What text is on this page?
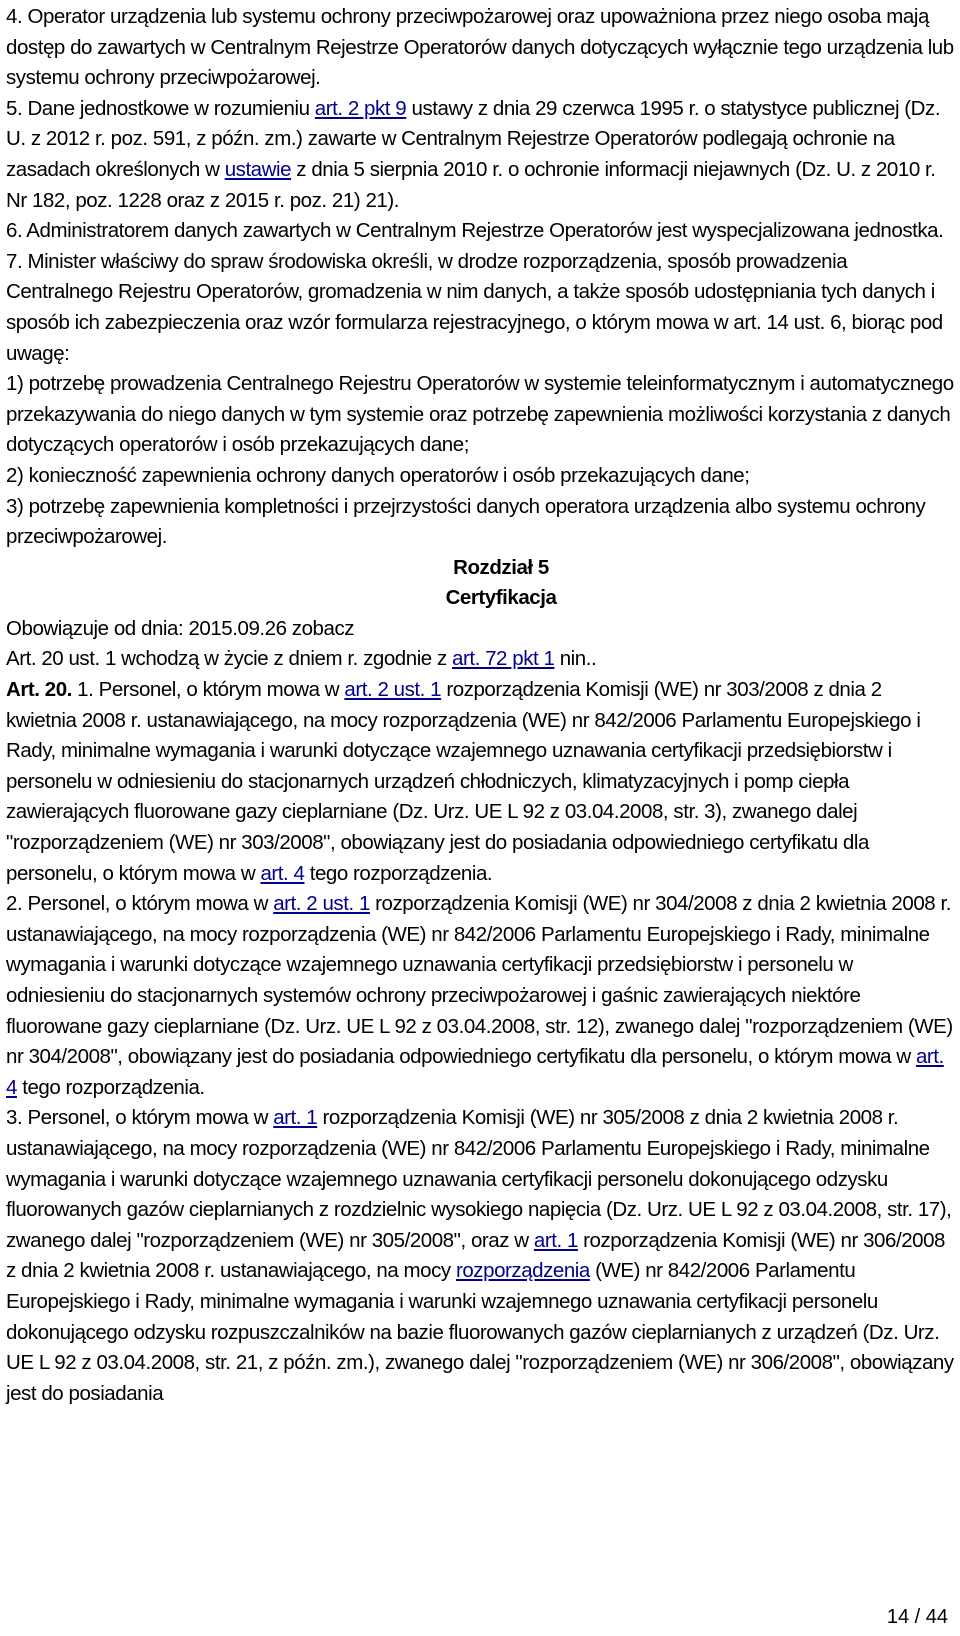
4. Operator urządzenia lub systemu ochrony przeciwpożarowej oraz upoważniona przez niego osoba mają dostęp do zawartych w Centralnym Rejestrze Operatorów danych dotyczących wyłącznie tego urządzenia lub systemu ochrony przeciwpożarowej.

5. Dane jednostkowe w rozumieniu art. 2 pkt 9 ustawy z dnia 29 czerwca 1995 r. o statystyce publicznej (Dz. U. z 2012 r. poz. 591, z późn. zm.) zawarte w Centralnym Rejestrze Operatorów podlegają ochronie na zasadach określonych w ustawie z dnia 5 sierpnia 2010 r. o ochronie informacji niejawnych (Dz. U. z 2010 r. Nr 182, poz. 1228 oraz z 2015 r. poz. 21) 21).

6. Administratorem danych zawartych w Centralnym Rejestrze Operatorów jest wyspecjalizowana jednostka.

7. Minister właściwy do spraw środowiska określi, w drodze rozporządzenia, sposób prowadzenia Centralnego Rejestru Operatorów, gromadzenia w nim danych, a także sposób udostępniania tych danych i sposób ich zabezpieczenia oraz wzór formularza rejestracyjnego, o którym mowa w art. 14 ust. 6, biorąc pod uwagę:

1) potrzebę prowadzenia Centralnego Rejestru Operatorów w systemie teleinformatycznym i automatycznego przekazywania do niego danych w tym systemie oraz potrzebę zapewnienia możliwości korzystania z danych dotyczących operatorów i osób przekazujących dane;

2) konieczność zapewnienia ochrony danych operatorów i osób przekazujących dane;

3) potrzebę zapewnienia kompletności i przejrzystości danych operatora urządzenia albo systemu ochrony przeciwpożarowej.

Rozdział 5

Certyfikacja

Obowiązuje od dnia: 2015.09.26 zobacz

Art. 20 ust. 1 wchodzą w życie z dniem r. zgodnie z art. 72 pkt 1 nin..

Art. 20. 1. Personel, o którym mowa w art. 2 ust. 1 rozporządzenia Komisji (WE) nr 303/2008 z dnia 2 kwietnia 2008 r. ustanawiającego, na mocy rozporządzenia (WE) nr 842/2006 Parlamentu Europejskiego i Rady, minimalne wymagania i warunki dotyczące wzajemnego uznawania certyfikacji przedsiębiorstw i personelu w odniesieniu do stacjonarnych urządzeń chłodniczych, klimatyzacyjnych i pomp ciepła zawierających fluorowane gazy cieplarniane (Dz. Urz. UE L 92 z 03.04.2008, str. 3), zwanego dalej "rozporządzeniem (WE) nr 303/2008", obowiązany jest do posiadania odpowiedniego certyfikatu dla personelu, o którym mowa w art. 4 tego rozporządzenia.

2. Personel, o którym mowa w art. 2 ust. 1 rozporządzenia Komisji (WE) nr 304/2008 z dnia 2 kwietnia 2008 r. ustanawiającego, na mocy rozporządzenia (WE) nr 842/2006 Parlamentu Europejskiego i Rady, minimalne wymagania i warunki dotyczące wzajemnego uznawania certyfikacji przedsiębiorstw i personelu w odniesieniu do stacjonarnych systemów ochrony przeciwpożarowej i gaśnic zawierających niektóre fluorowane gazy cieplarniane (Dz. Urz. UE L 92 z 03.04.2008, str. 12), zwanego dalej "rozporządzeniem (WE) nr 304/2008", obowiązany jest do posiadania odpowiedniego certyfikatu dla personelu, o którym mowa w art. 4 tego rozporządzenia.

3. Personel, o którym mowa w art. 1 rozporządzenia Komisji (WE) nr 305/2008 z dnia 2 kwietnia 2008 r. ustanawiającego, na mocy rozporządzenia (WE) nr 842/2006 Parlamentu Europejskiego i Rady, minimalne wymagania i warunki dotyczące wzajemnego uznawania certyfikacji personelu dokonującego odzysku fluorowanych gazów cieplarnianych z rozdzielnic wysokiego napięcia (Dz. Urz. UE L 92 z 03.04.2008, str. 17), zwanego dalej "rozporządzeniem (WE) nr 305/2008", oraz w art. 1 rozporządzenia Komisji (WE) nr 306/2008 z dnia 2 kwietnia 2008 r. ustanawiającego, na mocy rozporządzenia (WE) nr 842/2006 Parlamentu Europejskiego i Rady, minimalne wymagania i warunki wzajemnego uznawania certyfikacji personelu dokonującego odzysku rozpuszczalników na bazie fluorowanych gazów cieplarnianych z urządzeń (Dz. Urz. UE L 92 z 03.04.2008, str. 21, z późn. zm.), zwanego dalej "rozporządzeniem (WE) nr 306/2008", obowiązany jest do posiadania

14 / 44
